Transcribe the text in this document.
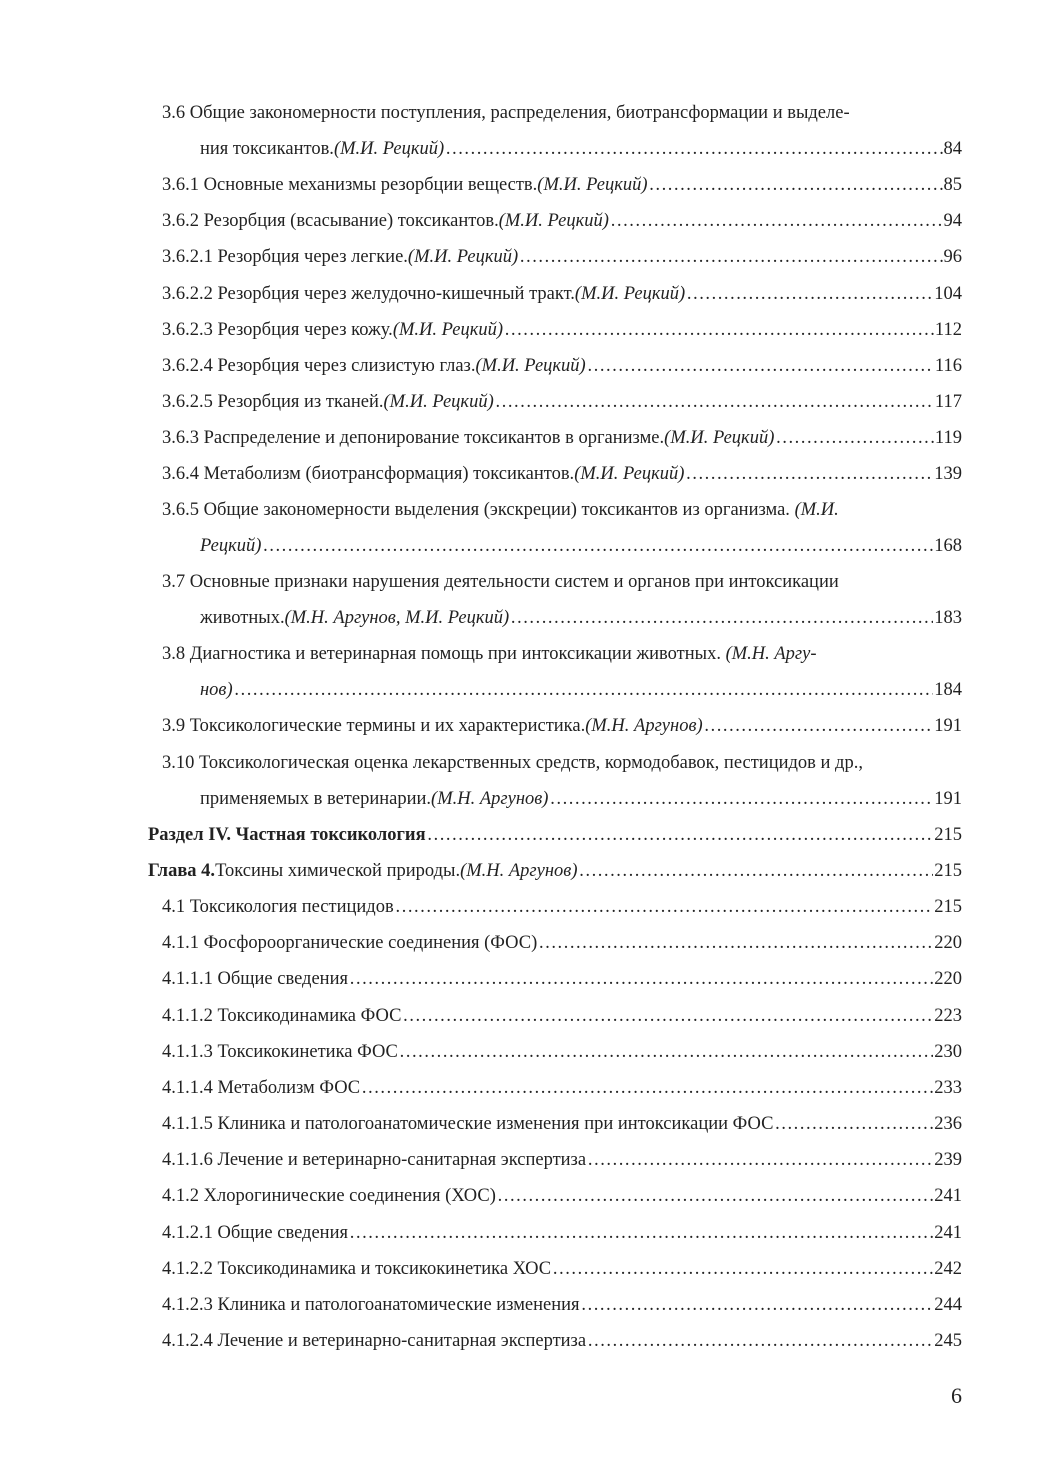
3.6 Общие закономерности поступления, распределения, биотрансформации и выделе-
ния токсикантов. (М.И. Рецкий) ……………………………………………………………………………………………………………………………………………………………………	84
3.6.1 Основные механизмы резорбции веществ. (М.И. Рецкий) ……………………………………………………………………………………………………………………………………………………………………	85
3.6.2 Резорбция (всасывание) токсикантов. (М.И. Рецкий) ……………………………………………………………………………………………………………………………………………………………………	94
3.6.2.1 Резорбция через легкие. (М.И. Рецкий) ……………………………………………………………………………………………………………………………………………………………………	96
3.6.2.2 Резорбция через желудочно-кишечный тракт. (М.И. Рецкий) ……………………………………………………………………………………………………………………………………………………………………	104
3.6.2.3 Резорбция через кожу. (М.И. Рецкий) ……………………………………………………………………………………………………………………………………………………………………	112
3.6.2.4 Резорбция через слизистую глаз. (М.И. Рецкий) ……………………………………………………………………………………………………………………………………………………………………	116
3.6.2.5 Резорбция из тканей. (М.И. Рецкий) ……………………………………………………………………………………………………………………………………………………………………	117
3.6.3 Распределение и депонирование токсикантов в организме. (М.И. Рецкий) ……………………………………………………………………………………………………………………………………………………………………	119
3.6.4 Метаболизм (биотрансформация) токсикантов. (М.И. Рецкий) ……………………………………………………………………………………………………………………………………………………………………	139
3.6.5 Общие закономерности выделения (экскреции) токсикантов из организма. (М.И.
Рецкий) ……………………………………………………………………………………………………………………………………………………………………	168
3.7 Основные признаки нарушения деятельности систем и органов при интоксикации
животных. (М.Н. Аргунов, М.И. Рецкий) ……………………………………………………………………………………………………………………………………………………………………	183
3.8 Диагностика и ветеринарная помощь при интоксикации животных. (М.Н. Аргу-
нов) ……………………………………………………………………………………………………………………………………………………………………	184
3.9 Токсикологические термины и их характеристика. (М.Н. Аргунов) ……………………………………………………………………………………………………………………………………………………………………	191
3.10 Токсикологическая оценка лекарственных средств, кормодобавок, пестицидов и др.,
применяемых в ветеринарии. (М.Н. Аргунов) ……………………………………………………………………………………………………………………………………………………………………	191
Раздел IV. Частная токсикология ……………………………………………………………………………………………………………………………………………………………………	215
Глава 4. Токсины химической природы. (М.Н. Аргунов) ……………………………………………………………………………………………………………………………………………………………………	215
4.1 Токсикология пестицидов ……………………………………………………………………………………………………………………………………………………………………	215
4.1.1 Фосфороорганические соединения (ФОС) ……………………………………………………………………………………………………………………………………………………………………	220
4.1.1.1 Общие сведения ……………………………………………………………………………………………………………………………………………………………………	220
4.1.1.2 Токсикодинамика ФОС ……………………………………………………………………………………………………………………………………………………………………	223
4.1.1.3 Токсикокинетика ФОС ……………………………………………………………………………………………………………………………………………………………………	230
4.1.1.4 Метаболизм ФОС ……………………………………………………………………………………………………………………………………………………………………	233
4.1.1.5 Клиника и патологоанатомические изменения при интоксикации ФОС ……………………………………………………………………………………………………………………………………………………………………	236
4.1.1.6 Лечение и ветеринарно-санитарная экспертиза ……………………………………………………………………………………………………………………………………………………………………	239
4.1.2 Хлорогинические соединения (ХОС) ……………………………………………………………………………………………………………………………………………………………………	241
4.1.2.1 Общие сведения ……………………………………………………………………………………………………………………………………………………………………	241
4.1.2.2 Токсикодинамика и токсикокинетика ХОС ……………………………………………………………………………………………………………………………………………………………………	242
4.1.2.3 Клиника и патологоанатомические изменения ……………………………………………………………………………………………………………………………………………………………………	244
4.1.2.4 Лечение и ветеринарно-санитарная экспертиза ……………………………………………………………………………………………………………………………………………………………………	245
6
